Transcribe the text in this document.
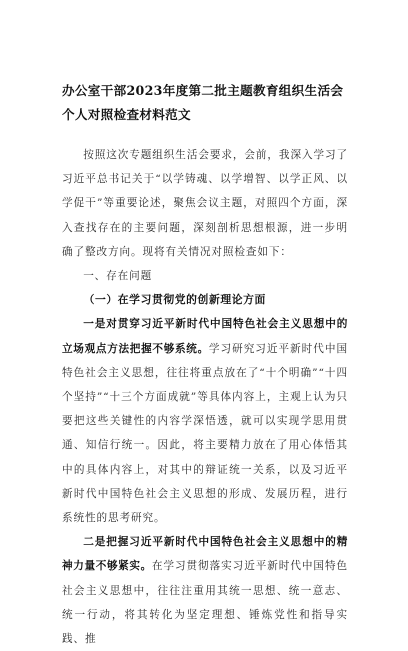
办公室干部2023年度第二批主题教育组织生活会个人对照检查材料范文

按照这次专题组织生活会要求，会前，我深入学习了习近平总书记关于“以学铸魂、以学增智、以学正风、以学促干”等重要论述，聚焦会议主题，对照四个方面，深入查找存在的主要问题，深刻剖析思想根源，进一步明确了整改方向。现将有关情况对照检查如下：

一、存在问题

（一）在学习贯彻党的创新理论方面

一是对贯穿习近平新时代中国特色社会主义思想中的立场观点方法把握不够系统。学习研究习近平新时代中国特色社会主义思想，往往将重点放在了“十个明确”“十四个坚持”“十三个方面成就”等具体内容上，主观上认为只要把这些关键性的内容学深悟透，就可以实现学思用贯通、知信行统一。因此，将主要精力放在了用心体悟其中的具体内容上，对其中的辩证统一关系，以及习近平新时代中国特色社会主义思想的形成、发展历程，进行系统性的思考研究。

二是把握习近平新时代中国特色社会主义思想中的精神力量不够紧实。在学习贯彻落实习近平新时代中国特色社会主义思想中，往往注重用其统一思想、统一意志、统一行动，将其转化为坚定理想、锤炼党性和指导实践、推
